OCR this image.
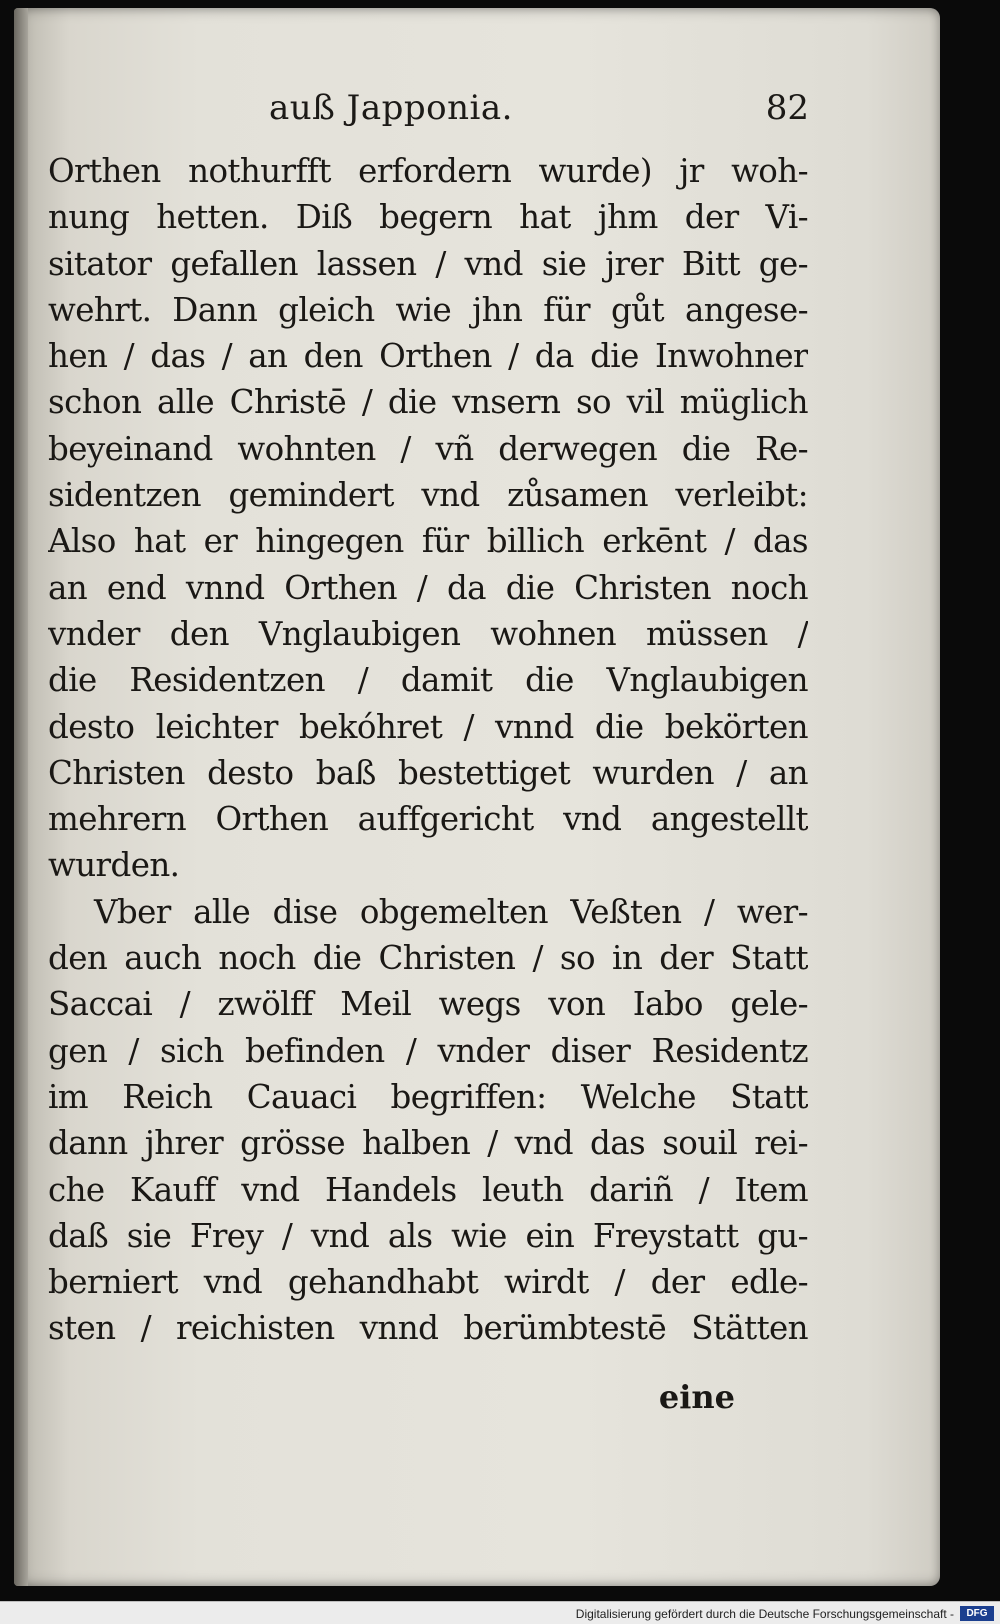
auß Japponia.	82
Orthen nothurfft erfordern wurde) jr woh-
nung hetten. Diß begern hat jhm der Vi-
sitator gefallen lassen / vnd sie jrer Bitt ge-
wehrt. Dann gleich wie jhn für gůt angese-
hen / das / an den Orthen / da die Inwohner
schon alle Christē / die vnsern so vil müglich
beyeinand wohnten / vñ derwegen die Re-
sidentzen gemindert vnd zůsamen verleibt:
Also hat er hingegen für billich erkēnt / das
an end vnnd Orthen / da die Christen noch
vnder den Vnglaubigen wohnen müssen /
die Residentzen / damit die Vnglaubigen
desto leichter bekóhret / vnnd die bekörten
Christen desto baß bestettiget wurden / an
mehrern Orthen auffgericht vnd angestellt
wurden.
Vber alle dise obgemelten Veßten / wer-
den auch noch die Christen / so in der Statt
Saccai / zwölff Meil wegs von Iabo gele-
gen / sich befinden / vnder diser Residentz
im Reich Cauaci begriffen: Welche Statt
dann jhrer grösse halben / vnd das souil rei-
che Kauff vnd Handels leuth dariñ / Item
daß sie Frey / vnd als wie ein Freystatt gu-
berniert vnd gehandhabt wirdt / der edle-
sten / reichisten vnnd berümbtestē Stätten
eine
Digitalisierung gefördert durch die Deutsche Forschungsgemeinschaft -	DFG
